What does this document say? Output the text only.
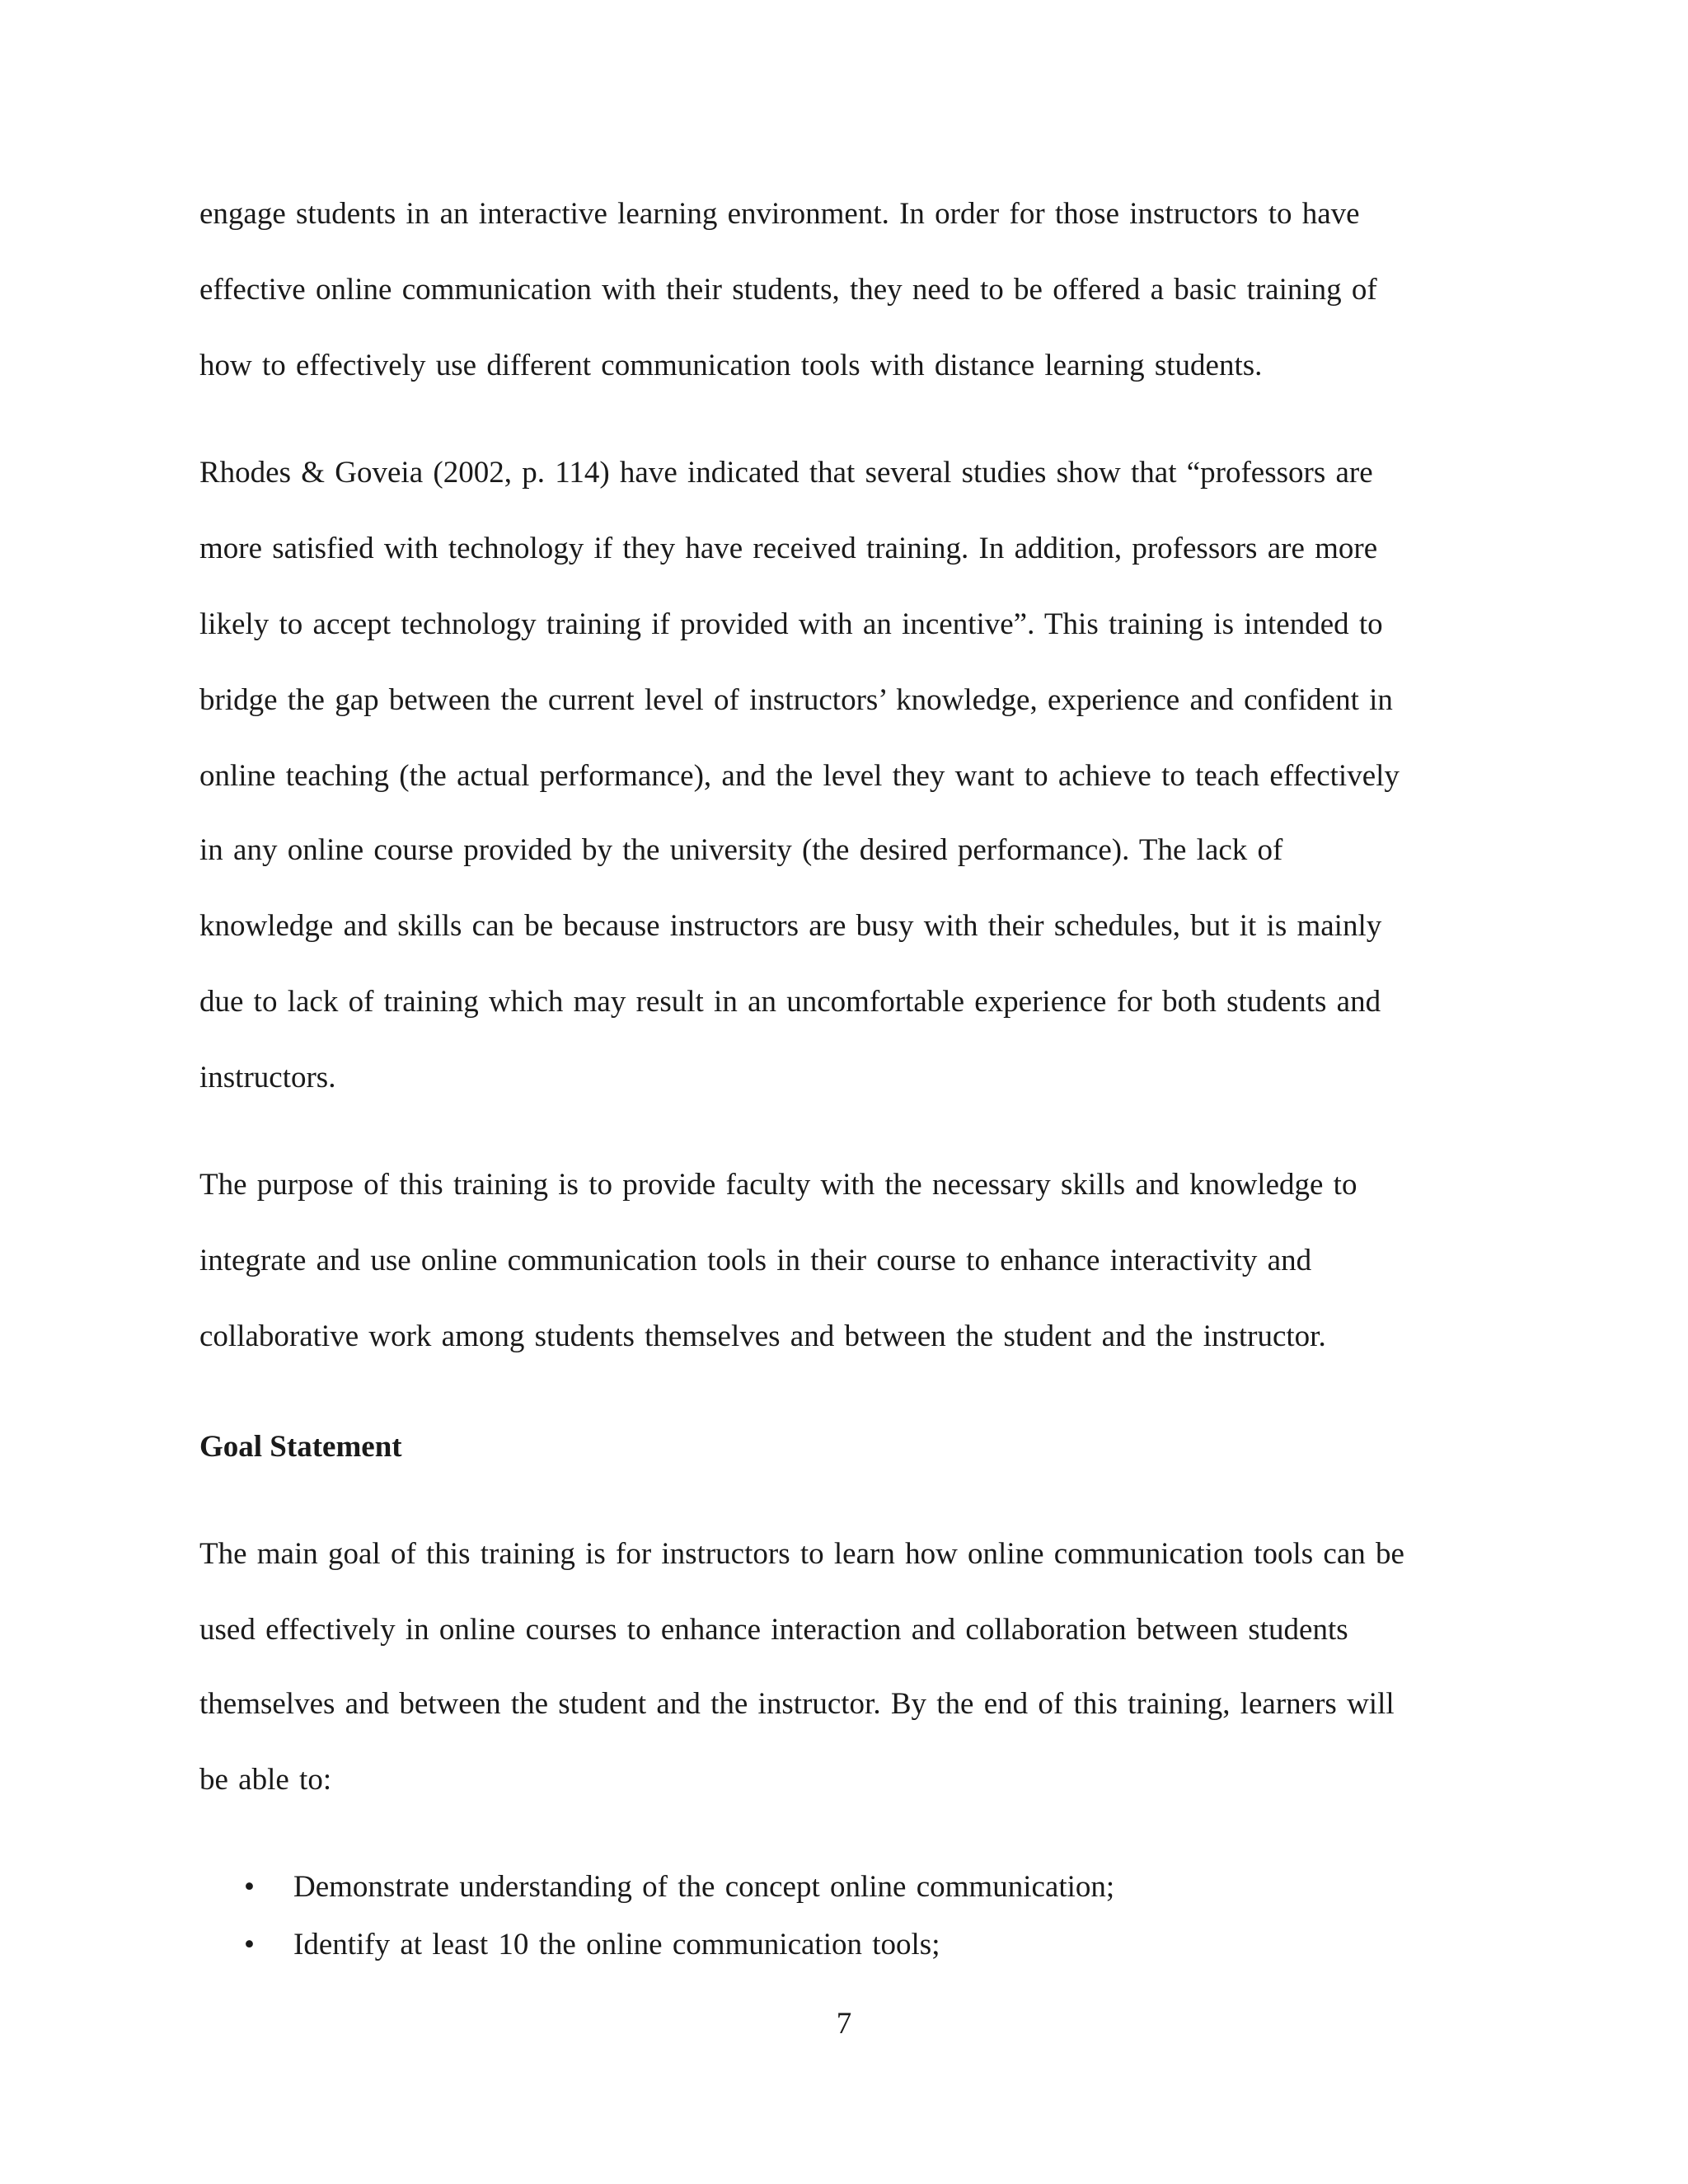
engage students in an interactive learning environment. In order for those instructors to have
effective online communication with their students, they need to be offered a basic training of
how to effectively use different communication tools with distance learning students.
Rhodes & Goveia (2002, p. 114) have indicated that several studies show that “professors are
more satisfied with technology if they have received training. In addition, professors are more
likely to accept technology training if provided with an incentive”. This training is intended to
bridge the gap between the current level of instructors’ knowledge, experience and confident in
online teaching (the actual performance), and the level they want to achieve to teach effectively
in any online course provided by the university (the desired performance). The lack of
knowledge and skills can be because instructors are busy with their schedules, but it is mainly
due to lack of training which may result in an uncomfortable experience for both students and
instructors.
The purpose of this training is to provide faculty with the necessary skills and knowledge to
integrate and use online communication tools in their course to enhance interactivity and
collaborative work among students themselves and between the student and the instructor.
Goal Statement
The main goal of this training is for instructors to learn how online communication tools can be
used effectively in online courses to enhance interaction and collaboration between students
themselves and between the student and the instructor. By the end of this training, learners will
be able to:
• Demonstrate understanding of the concept online communication;
• Identify at least 10 the online communication tools;
7
